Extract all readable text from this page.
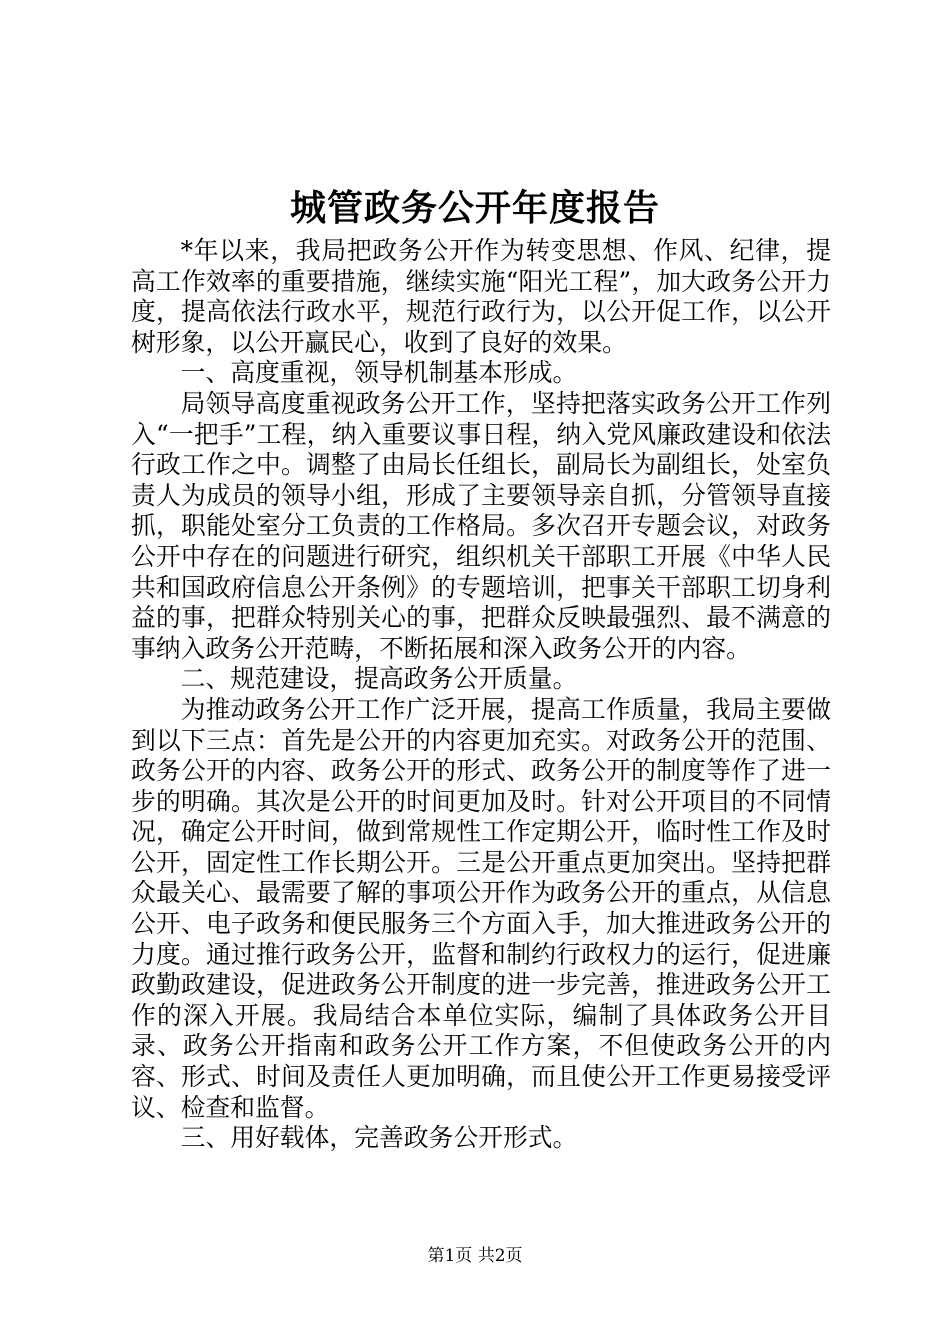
城管政务公开年度报告

*年以来，我局把政务公开作为转变思想、作风、纪律，提高工作效率的重要措施，继续实施“阳光工程”，加大政务公开力度，提高依法行政水平，规范行政行为，以公开促工作，以公开树形象，以公开赢民心，收到了良好的效果。

一、高度重视，领导机制基本形成。

局领导高度重视政务公开工作，坚持把落实政务公开工作列入“一把手”工程，纳入重要议事日程，纳入党风廉政建设和依法行政工作之中。调整了由局长任组长，副局长为副组长，处室负责人为成员的领导小组，形成了主要领导亲自抓，分管领导直接抓，职能处室分工负责的工作格局。多次召开专题会议，对政务公开中存在的问题进行研究，组织机关干部职工开展《中华人民共和国政府信息公开条例》的专题培训，把事关干部职工切身利益的事，把群众特别关心的事，把群众反映最强烈、最不满意的事纳入政务公开范畴，不断拓展和深入政务公开的内容。

二、规范建设，提高政务公开质量。

为推动政务公开工作广泛开展，提高工作质量，我局主要做到以下三点：首先是公开的内容更加充实。对政务公开的范围、政务公开的内容、政务公开的形式、政务公开的制度等作了进一步的明确。其次是公开的时间更加及时。针对公开项目的不同情况，确定公开时间，做到常规性工作定期公开，临时性工作及时公开，固定性工作长期公开。三是公开重点更加突出。坚持把群众最关心、最需要了解的事项公开作为政务公开的重点，从信息公开、电子政务和便民服务三个方面入手，加大推进政务公开的力度。通过推行政务公开，监督和制约行政权力的运行，促进廉政勤政建设，促进政务公开制度的进一步完善，推进政务公开工作的深入开展。我局结合本单位实际，编制了具体政务公开目录、政务公开指南和政务公开工作方案，不但使政务公开的内容、形式、时间及责任人更加明确，而且使公开工作更易接受评议、检查和监督。

三、用好载体，完善政务公开形式。

第1页 共2页
